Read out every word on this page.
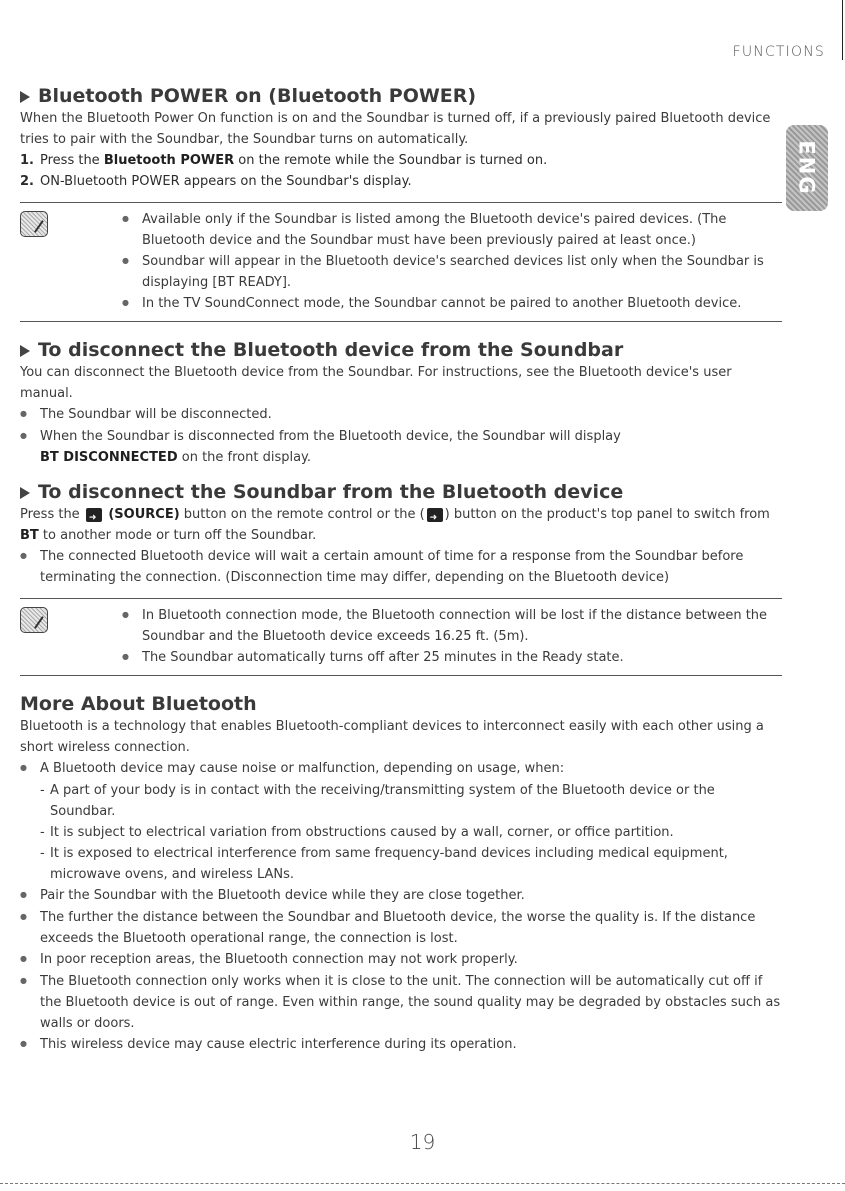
FUNCTIONS
ENG
Bluetooth POWER on (Bluetooth POWER)

When the Bluetooth Power On function is on and the Soundbar is turned off, if a previously paired Bluetooth device tries to pair with the Soundbar, the Soundbar turns on automatically.

1. Press the Bluetooth POWER on the remote while the Soundbar is turned on.
2. ON-Bluetooth POWER appears on the Soundbar's display.
●
Available only if the Soundbar is listed among the Bluetooth device's paired devices. (The Bluetooth device and the Soundbar must have been previously paired at least once.)
●
Soundbar will appear in the Bluetooth device's searched devices list only when the Soundbar is displaying [BT READY].
●
In the TV SoundConnect mode, the Soundbar cannot be paired to another Bluetooth device.
To disconnect the Bluetooth device from the Soundbar

You can disconnect the Bluetooth device from the Soundbar. For instructions, see the Bluetooth device's user manual.

●
The Soundbar will be disconnected.
●
When the Soundbar is disconnected from the Bluetooth device, the Soundbar will display
BT DISCONNECTED on the front display.
To disconnect the Soundbar from the Bluetooth device

Press the ➜ (SOURCE) button on the remote control or the (➜ ) button on the product's top panel to switch from BT to another mode or turn off the Soundbar.

●
The connected Bluetooth device will wait a certain amount of time for a response from the Soundbar before terminating the connection. (Disconnection time may differ, depending on the Bluetooth device)
●
In Bluetooth connection mode, the Bluetooth connection will be lost if the distance between the Soundbar and the Bluetooth device exceeds 16.25 ft. (5m).
●
The Soundbar automatically turns off after 25 minutes in the Ready state.
More About Bluetooth

Bluetooth is a technology that enables Bluetooth-compliant devices to interconnect easily with each other using a short wireless connection.

●
A Bluetooth device may cause noise or malfunction, depending on usage, when:
- A part of your body is in contact with the receiving/transmitting system of the Bluetooth device or the Soundbar.
- It is subject to electrical variation from obstructions caused by a wall, corner, or office partition.
- It is exposed to electrical interference from same frequency-band devices including medical equipment, microwave ovens, and wireless LANs.
●
Pair the Soundbar with the Bluetooth device while they are close together.
●
The further the distance between the Soundbar and Bluetooth device, the worse the quality is. If the distance exceeds the Bluetooth operational range, the connection is lost.
●
In poor reception areas, the Bluetooth connection may not work properly.
●
The Bluetooth connection only works when it is close to the unit. The connection will be automatically cut off if the Bluetooth device is out of range. Even within range, the sound quality may be degraded by obstacles such as walls or doors.
●
This wireless device may cause electric interference during its operation.
19
